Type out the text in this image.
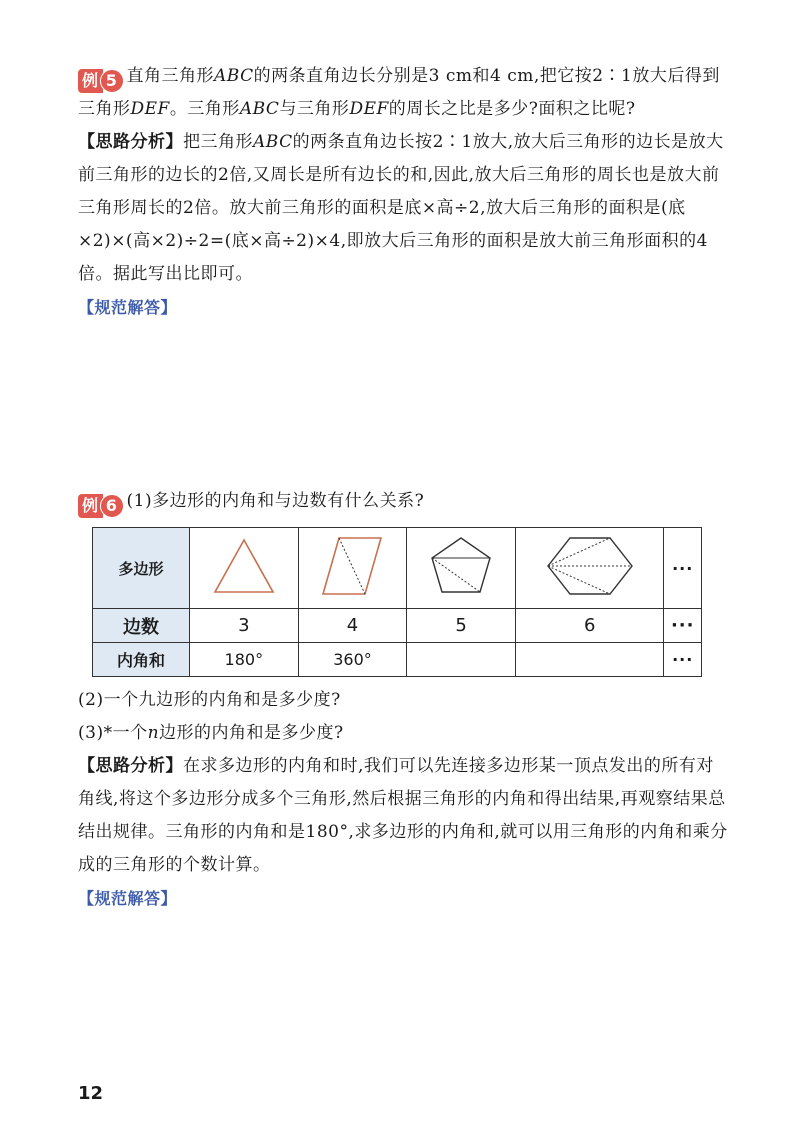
例 5 直角三角形ABC的两条直角边长分别是3 cm和4 cm,把它按2∶1放大后得到三角形DEF。三角形ABC与三角形DEF的周长之比是多少?面积之比呢?

【思路分析】把三角形ABC的两条直角边长按2∶1放大,放大后三角形的边长是放大前三角形的边长的2倍,又周长是所有边长的和,因此,放大后三角形的周长也是放大前三角形周长的2倍。放大前三角形的面积是底×高÷2,放大后三角形的面积是(底×2)×(高×2)÷2=(底×高÷2)×4,即放大后三角形的面积是放大前三角形面积的4倍。据此写出比即可。

【规范解答】

例 6 (1)多边形的内角和与边数有什么关系?

多边形					···
边数	3	4	5	6	···
内角和	180°	360°			···

(2)一个九边形的内角和是多少度?

(3)*一个n边形的内角和是多少度?

【思路分析】在求多边形的内角和时,我们可以先连接多边形某一顶点发出的所有对角线,将这个多边形分成多个三角形,然后根据三角形的内角和得出结果,再观察结果总结出规律。三角形的内角和是180°,求多边形的内角和,就可以用三角形的内角和乘分成的三角形的个数计算。

【规范解答】

12
